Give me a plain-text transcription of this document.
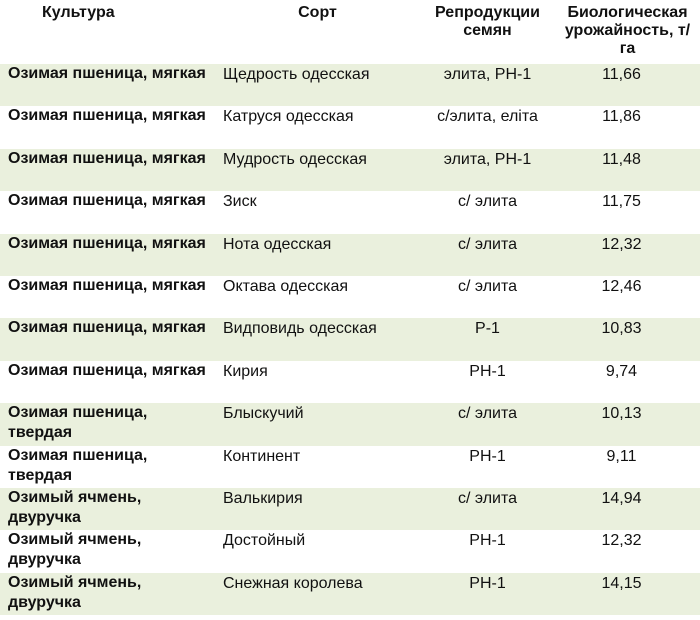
Культура	Сорт	Репродукции семян	Биологическая урожайность, т/га
Озимая пшеница, мягкая	Щедрость одесская	элита, РН-1	11,66
Озимая пшеница, мягкая	Катруся одесская	с/элита, еліта	11,86
Озимая пшеница, мягкая	Мудрость одесская	элита, РН-1	11,48
Озимая пшеница, мягкая	Зиск	с/ элита	11,75
Озимая пшеница, мягкая	Нота одесская	с/ элита	12,32
Озимая пшеница, мягкая	Октава одесская	с/ элита	12,46
Озимая пшеница, мягкая	Видповидь одесская	Р-1	10,83
Озимая пшеница, мягкая	Кирия	РН-1	9,74
Озимая пшеница, твердая	Блыскучий	с/ элита	10,13
Озимая пшеница, твердая	Континент	РН-1	9,11
Озимый ячмень, двуручка	Валькирия	с/ элита	14,94
Озимый ячмень, двуручка	Достойный	РН-1	12,32
Озимый ячмень, двуручка	Снежная королева	РН-1	14,15
